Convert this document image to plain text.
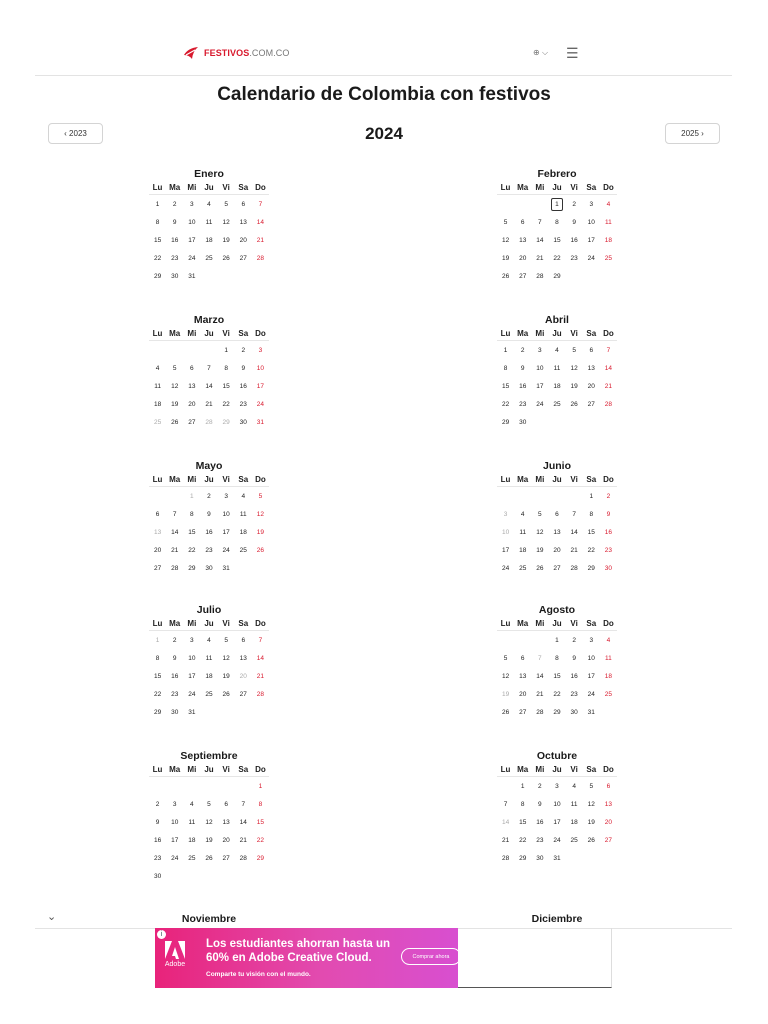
FESTIVOS.COM.CO	⊕ ⌵ ☰
Calendario de Colombia con festivos
‹ 2023	2024	2025 ›
Enero
Lu	Ma	Mi	Ju	Vi	Sa	Do
1	2	3	4	5	6	7
8	9	10	11	12	13	14
15	16	17	18	19	20	21
22	23	24	25	26	27	28
29	30	31				
Febrero
Lu	Ma	Mi	Ju	Vi	Sa	Do
			1	2	3	4
5	6	7	8	9	10	11
12	13	14	15	16	17	18
19	20	21	22	23	24	25
26	27	28	29			
Marzo
Lu	Ma	Mi	Ju	Vi	Sa	Do
				1	2	3
4	5	6	7	8	9	10
11	12	13	14	15	16	17
18	19	20	21	22	23	24
25	26	27	28	29	30	31
Abril
Lu	Ma	Mi	Ju	Vi	Sa	Do
1	2	3	4	5	6	7
8	9	10	11	12	13	14
15	16	17	18	19	20	21
22	23	24	25	26	27	28
29	30					
Mayo
Lu	Ma	Mi	Ju	Vi	Sa	Do
		1	2	3	4	5
6	7	8	9	10	11	12
13	14	15	16	17	18	19
20	21	22	23	24	25	26
27	28	29	30	31		
Junio
Lu	Ma	Mi	Ju	Vi	Sa	Do
					1	2
3	4	5	6	7	8	9
10	11	12	13	14	15	16
17	18	19	20	21	22	23
24	25	26	27	28	29	30
Julio
Lu	Ma	Mi	Ju	Vi	Sa	Do
1	2	3	4	5	6	7
8	9	10	11	12	13	14
15	16	17	18	19	20	21
22	23	24	25	26	27	28
29	30	31				
Agosto
Lu	Ma	Mi	Ju	Vi	Sa	Do
			1	2	3	4
5	6	7	8	9	10	11
12	13	14	15	16	17	18
19	20	21	22	23	24	25
26	27	28	29	30	31	
Septiembre
Lu	Ma	Mi	Ju	Vi	Sa	Do
						1
2	3	4	5	6	7	8
9	10	11	12	13	14	15
16	17	18	19	20	21	22
23	24	25	26	27	28	29
30						
Octubre
Lu	Ma	Mi	Ju	Vi	Sa	Do
	1	2	3	4	5	6
7	8	9	10	11	12	13
14	15	16	17	18	19	20
21	22	23	24	25	26	27
28	29	30	31			
Noviembre	Diciembre
⌄
i
Adobe
Los estudiantes ahorran hasta un 60% en Adobe Creative Cloud.
Comparte tu visión con el mundo.
Comprar ahora
